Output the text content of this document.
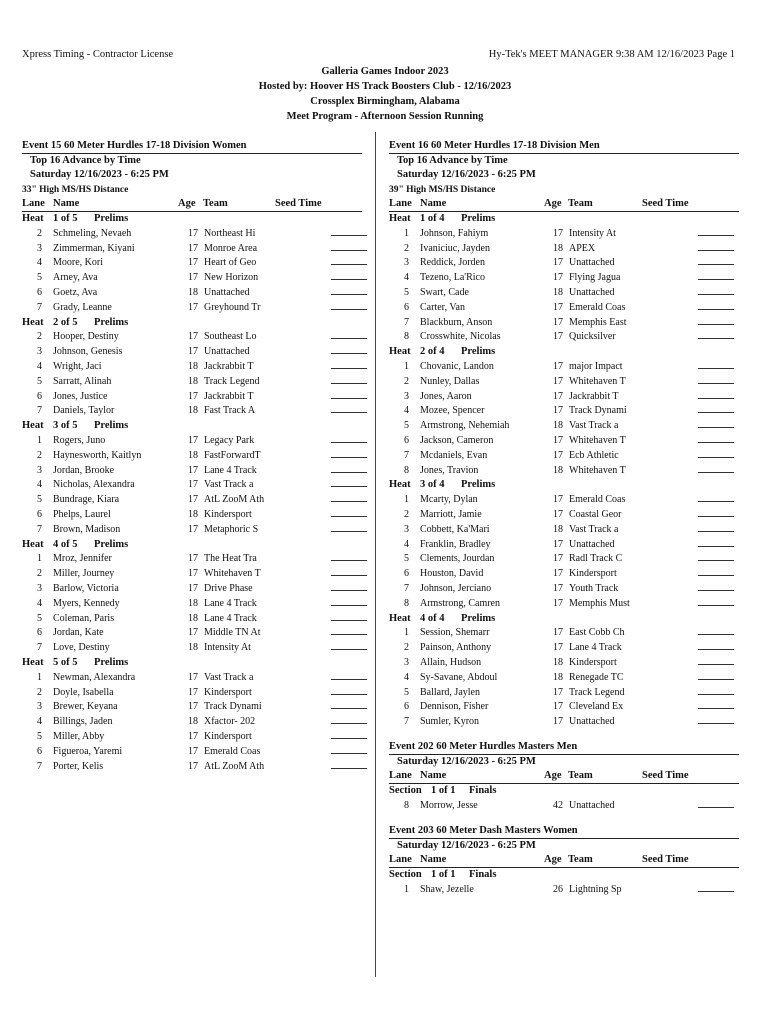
Xpress Timing - Contractor License	Hy-Tek's MEET MANAGER 9:38 AM 12/16/2023 Page 1
Galleria Games Indoor 2023
Hosted by: Hoover HS Track Boosters Club - 12/16/2023
Crossplex Birmingham, Alabama
Meet Program - Afternoon Session Running
Event 15 60 Meter Hurdles 17-18 Division Women
Top 16 Advance by Time
Saturday 12/16/2023 - 6:25 PM
33" High MS/HS Distance
Lane Name	Age Team	Seed Time
Heat 1 of 5 Prelims
2 Schmeling, Nevaeh	17 Northeast Hi
3 Zimmerman, Kiyani	17 Monroe Area
4 Moore, Kori	17 Heart of Geo
5 Arney, Ava	17 New Horizon
6 Goetz, Ava	18 Unattached
7 Grady, Leanne	17 Greyhound Tr
Heat 2 of 5 Prelims
2 Hooper, Destiny	17 Southeast Lo
3 Johnson, Genesis	17 Unattached
4 Wright, Jaci	18 Jackrabbit T
5 Sarratt, Alinah	18 Track Legend
6 Jones, Justice	17 Jackrabbit T
7 Daniels, Taylor	18 Fast Track A
Heat 3 of 5 Prelims
1 Rogers, Juno	17 Legacy Park
2 Haynesworth, Kaitlyn	18 FastForwardT
3 Jordan, Brooke	17 Lane 4 Track
4 Nicholas, Alexandra	17 Vast Track a
5 Bundrage, Kiara	17 AtL ZooM Ath
6 Phelps, Laurel	18 Kindersport
7 Brown, Madison	17 Metaphoric S
Heat 4 of 5 Prelims
1 Mroz, Jennifer	17 The Heat Tra
2 Miller, Journey	17 Whitehaven T
3 Barlow, Victoria	17 Drive Phase
4 Myers, Kennedy	18 Lane 4 Track
5 Coleman, Paris	18 Lane 4 Track
6 Jordan, Kate	17 Middle TN At
7 Love, Destiny	18 Intensity At
Heat 5 of 5 Prelims
1 Newman, Alexandra	17 Vast Track a
2 Doyle, Isabella	17 Kindersport
3 Brewer, Keyana	17 Track Dynami
4 Billings, Jaden	18 Xfactor- 202
5 Miller, Abby	17 Kindersport
6 Figueroa, Yaremi	17 Emerald Coas
7 Porter, Kelis	17 AtL ZooM Ath
Event 16 60 Meter Hurdles 17-18 Division Men
Top 16 Advance by Time
Saturday 12/16/2023 - 6:25 PM
39" High MS/HS Distance
Lane Name	Age Team	Seed Time
Heat 1 of 4 Prelims
1 Johnson, Fahiym	17 Intensity At
2 Ivaniciuc, Jayden	18 APEX
3 Reddick, Jorden	17 Unattached
4 Tezeno, La'Rico	17 Flying Jagua
5 Swart, Cade	18 Unattached
6 Carter, Van	17 Emerald Coas
7 Blackburn, Anson	17 Memphis East
8 Crosswhite, Nicolas	17 Quicksilver
Heat 2 of 4 Prelims
1 Chovanic, Landon	17 major Impact
2 Nunley, Dallas	17 Whitehaven T
3 Jones, Aaron	17 Jackrabbit T
4 Mozee, Spencer	17 Track Dynami
5 Armstrong, Nehemiah	18 Vast Track a
6 Jackson, Cameron	17 Whitehaven T
7 Mcdaniels, Evan	17 Ecb Athletic
8 Jones, Travion	18 Whitehaven T
Heat 3 of 4 Prelims
1 Mcarty, Dylan	17 Emerald Coas
2 Marriott, Jamie	17 Coastal Geor
3 Cobbett, Ka'Mari	18 Vast Track a
4 Franklin, Bradley	17 Unattached
5 Clements, Jourdan	17 Radl Track C
6 Houston, David	17 Kindersport
7 Johnson, Jerciano	17 Youth Track
8 Armstrong, Camren	17 Memphis Must
Heat 4 of 4 Prelims
1 Session, Shemarr	17 East Cobb Ch
2 Painson, Anthony	17 Lane 4 Track
3 Allain, Hudson	18 Kindersport
4 Sy-Savane, Abdoul	18 Renegade TC
5 Ballard, Jaylen	17 Track Legend
6 Dennison, Fisher	17 Cleveland Ex
7 Sumler, Kyron	17 Unattached
Event 202 60 Meter Hurdles Masters Men
Saturday 12/16/2023 - 6:25 PM
Lane Name	Age Team	Seed Time
Section 1 of 1 Finals
8 Morrow, Jesse	42 Unattached
Event 203 60 Meter Dash Masters Women
Saturday 12/16/2023 - 6:25 PM
Lane Name	Age Team	Seed Time
Section 1 of 1 Finals
1 Shaw, Jezelle	26 Lightning Sp
